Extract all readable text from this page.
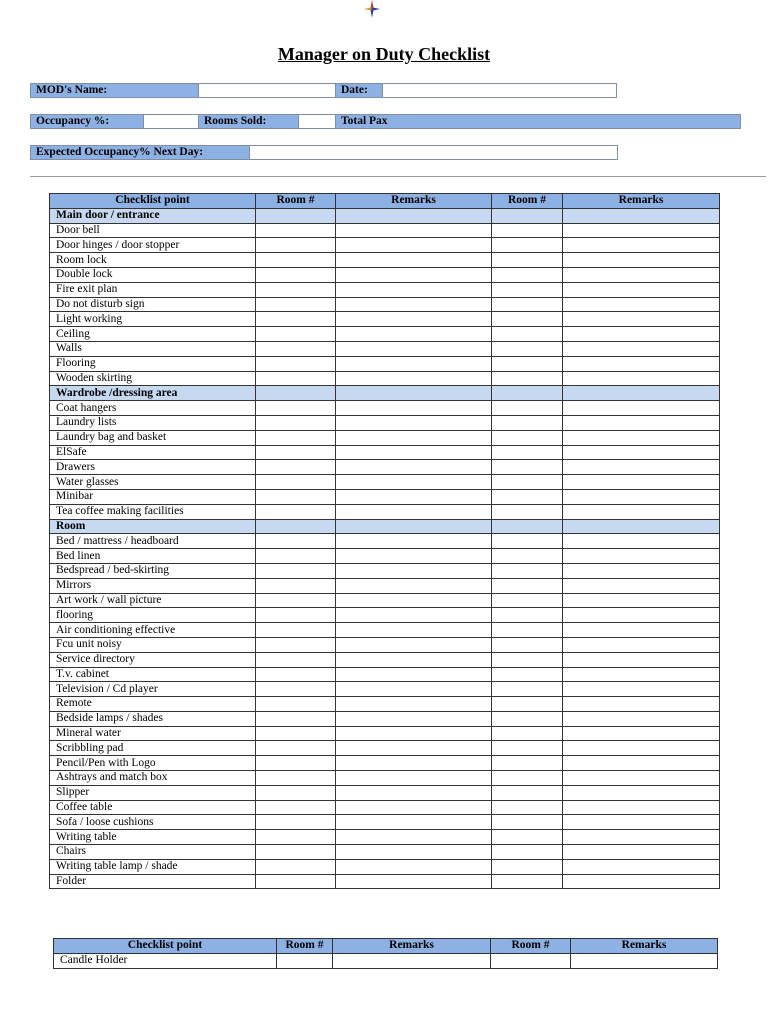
Manager on Duty Checklist
MOD's Name:	Date:
Occupancy %:	Rooms Sold:	Total Pax
Expected Occupancy% Next Day:
Checklist point	Room #	Remarks	Room #	Remarks
Main door / entrance				
Door bell				
Door hinges / door stopper				
Room lock				
Double lock				
Fire exit plan				
Do not disturb sign				
Light working				
Ceiling				
Walls				
Flooring				
Wooden skirting				
Wardrobe /dressing area				
Coat hangers				
Laundry lists				
Laundry bag and basket				
ElSafe				
Drawers				
Water glasses				
Minibar				
Tea coffee making facilities				
Room				
Bed / mattress / headboard				
Bed linen				
Bedspread / bed-skirting				
Mirrors				
Art work / wall picture				
flooring				
Air conditioning effective				
Fcu unit noisy				
Service directory				
T.v. cabinet				
Television / Cd player				
Remote				
Bedside lamps / shades				
Mineral water				
Scribbling pad				
Pencil/Pen with Logo				
Ashtrays and match box				
Slipper				
Coffee table				
Sofa / loose cushions				
Writing table				
Chairs				
Writing table lamp / shade				
Folder				
Checklist point	Room #	Remarks	Room #	Remarks
Candle Holder				
